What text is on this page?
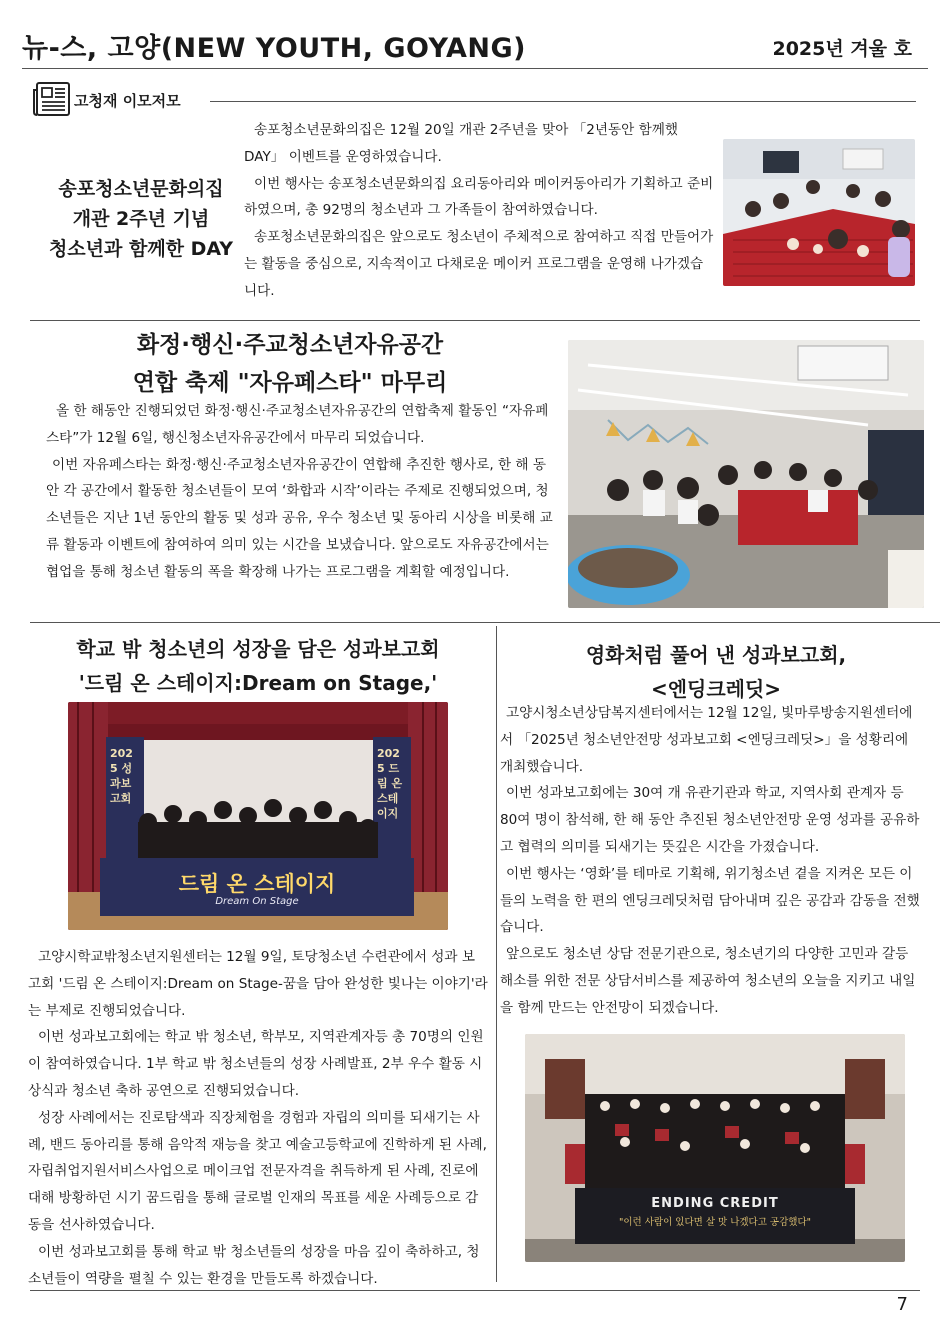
뉴-스, 고양(NEW YOUTH, GOYANG)	2025년 겨울 호
고청재 이모저모
송포청소년문화의집
개관 2주년 기념
청소년과 함께한 DAY

송포청소년문화의집은 12월 20일 개관 2주년을 맞아 「2년동안 함께했DAY」 이벤트를 운영하였습니다.

이번 행사는 송포청소년문화의집 요리동아리와 메이커동아리가 기획하고 준비하였으며, 총 92명의 청소년과 그 가족들이 참여하였습니다.

송포청소년문화의집은 앞으로도 청소년이 주체적으로 참여하고 직접 만들어가는 활동을 중심으로, 지속적이고 다채로운 메이커 프로그램을 운영해 나가겠습니다.

화정·행신·주교청소년자유공간
연합 축제 "자유페스타" 마무리

올 한 해동안 진행되었던 화정·행신·주교청소년자유공간의 연합축제 활동인 “자유페스타”가 12월 6일, 행신청소년자유공간에서 마무리 되었습니다.

이번 자유페스타는 화정·행신·주교청소년자유공간이 연합해 추진한 행사로, 한 해 동안 각 공간에서 활동한 청소년들이 모여 ‘화합과 시작’이라는 주제로 진행되었으며, 청소년들은 지난 1년 동안의 활동 및 성과 공유, 우수 청소년 및 동아리 시상을 비롯해 교류 활동과 이벤트에 참여하여 의미 있는 시간을 보냈습니다. 앞으로도 자유공간에서는 협업을 통해 청소년 활동의 폭을 확장해 나가는 프로그램을 계획할 예정입니다.

학교 밖 청소년의 성장을 담은 성과보고회
'드림 온 스테이지:Dream on Stage,'
2025 성과보고회
2025 드림 온 스테이지
드림 온 스테이지
Dream On Stage

고양시학교밖청소년지원센터는 12월 9일, 토당청소년 수련관에서 성과 보고회 '드림 온 스테이지:Dream on Stage-꿈을 담아 완성한 빛나는 이야기'라는 부제로 진행되었습니다.

이번 성과보고회에는 학교 밖 청소년, 학부모, 지역관계자등 총 70명의 인원이 참여하였습니다. 1부 학교 밖 청소년들의 성장 사례발표, 2부 우수 활동 시상식과 청소년 축하 공연으로 진행되었습니다.

성장 사례에서는 진로탐색과 직장체험을 경험과 자립의 의미를 되새기는 사례, 밴드 동아리를 통해 음악적 재능을 찾고 예술고등학교에 진학하게 된 사례, 자립취업지원서비스사업으로 메이크업 전문자격을 취득하게 된 사례, 진로에 대해 방황하던 시기 꿈드림을 통해 글로벌 인재의 목표를 세운 사례등으로 감동을 선사하였습니다.

이번 성과보고회를 통해 학교 밖 청소년들의 성장을 마음 깊이 축하하고, 청소년들이 역량을 펼칠 수 있는 환경을 만들도록 하겠습니다.

영화처럼 풀어 낸 성과보고회,
<엔딩크레딧>

고양시청소년상담복지센터에서는 12월 12일, 빛마루방송지원센터에서 「2025년 청소년안전망 성과보고회 <엔딩크레딧>」을 성황리에 개최했습니다.

이번 성과보고회에는 30여 개 유관기관과 학교, 지역사회 관계자 등 80여 명이 참석해, 한 해 동안 추진된 청소년안전망 운영 성과를 공유하고 협력의 의미를 되새기는 뜻깊은 시간을 가졌습니다.

이번 행사는 ‘영화’를 테마로 기획해, 위기청소년 곁을 지켜온 모든 이들의 노력을 한 편의 엔딩크레딧처럼 담아내며 깊은 공감과 감동을 전했습니다.

앞으로도 청소년 상담 전문기관으로, 청소년기의 다양한 고민과 갈등 해소를 위한 전문 상담서비스를 제공하여 청소년의 오늘을 지키고 내일을 함께 만드는 안전망이 되겠습니다.

ENDING CREDIT
"이런 사람이 있다면 살 맛 나겠다고 공감했다"
7
